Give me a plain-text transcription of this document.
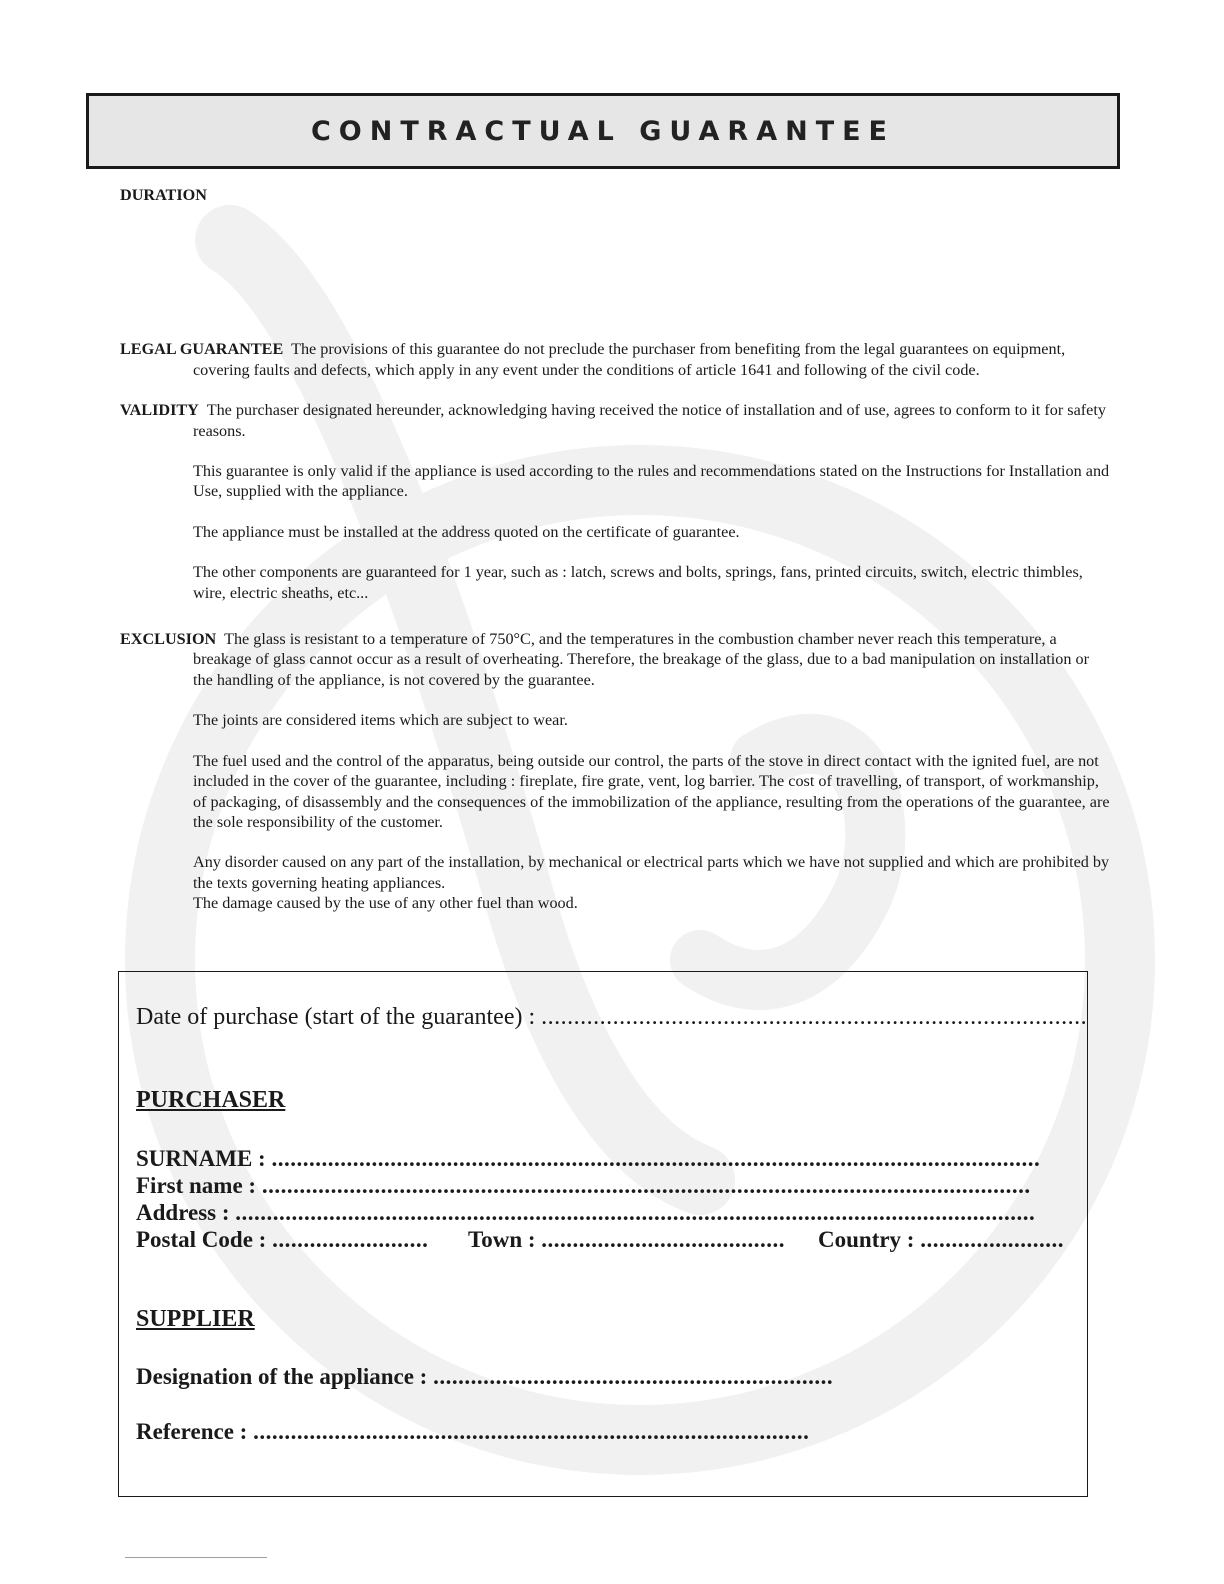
CONTRACTUAL GUARANTEE
DURATION

LEGAL GUARANTEE The provisions of this guarantee do not preclude the purchaser from benefiting from the legal guarantees on equipment, covering faults and defects, which apply in any event under the conditions of article 1641 and following of the civil code.

VALIDITY The purchaser designated hereunder, acknowledging having received the notice of installation and of use, agrees to conform to it for safety reasons.

This guarantee is only valid if the appliance is used according to the rules and recommendations stated on the Instructions for Installation and Use, supplied with the appliance.

The appliance must be installed at the address quoted on the certificate of guarantee.

The other components are guaranteed for 1 year, such as : latch, screws and bolts, springs, fans, printed circuits, switch, electric thimbles, wire, electric sheaths, etc...

EXCLUSION The glass is resistant to a temperature of 750°C, and the temperatures in the combustion chamber never reach this temperature, a breakage of glass cannot occur as a result of overheating. Therefore, the breakage of the glass, due to a bad manipulation on installation or the handling of the appliance, is not covered by the guarantee.

The joints are considered items which are subject to wear.

The fuel used and the control of the apparatus, being outside our control, the parts of the stove in direct contact with the ignited fuel, are not included in the cover of the guarantee, including : fireplate, fire grate, vent, log barrier. The cost of travelling, of transport, of workmanship, of packaging, of disassembly and the consequences of the immobilization of the appliance, resulting from the operations of the guarantee, are the sole responsibility of the customer.

Any disorder caused on any part of the installation, by mechanical or electrical parts which we have not supplied and which are prohibited by the texts governing heating appliances.
The damage caused by the use of any other fuel than wood.

Date of purchase (start of the guarantee) : ....................................................................................
PURCHASER
SURNAME : ...........................................................................................................................
First name : ...........................................................................................................................
Address : ................................................................................................................................
Postal Code : .........................	Town : .......................................	Country : .......................
SUPPLIER
Designation of the appliance : ................................................................
Reference : .........................................................................................
